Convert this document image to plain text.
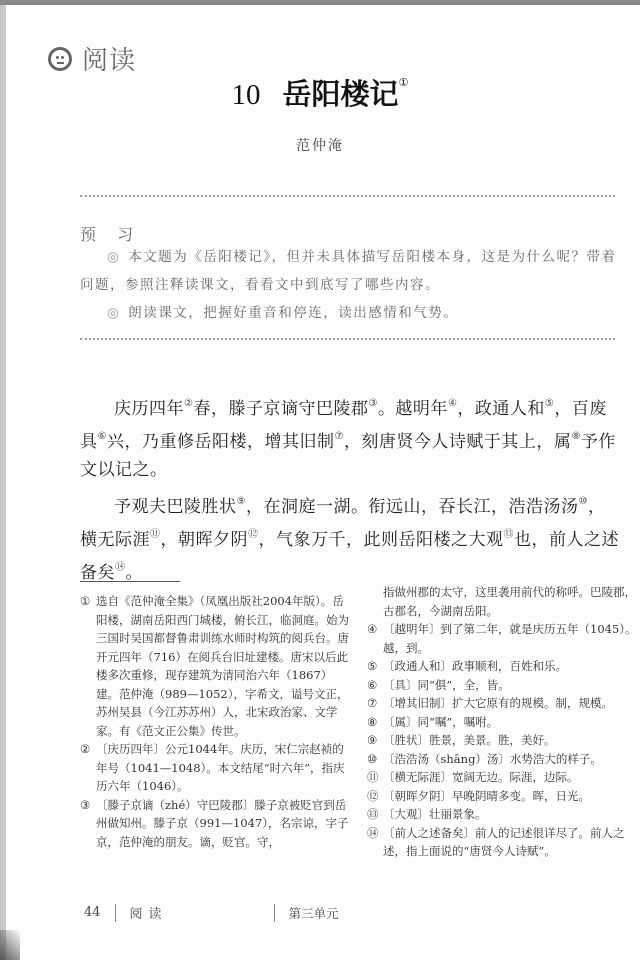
阅读
10 岳阳楼记①
范仲淹
预 习

◎ 本文题为《岳阳楼记》，但并未具体描写岳阳楼本身，这是为什么呢？带着问题，参照注释读课文，看看文中到底写了哪些内容。

◎ 朗读课文，把握好重音和停连，读出感情和气势。

庆历四年②春，滕子京谪守巴陵郡③。越明年④，政通人和⑤，百废具⑥兴，乃重修岳阳楼，增其旧制⑦，刻唐贤今人诗赋于其上，属⑧予作文以记之。

予观夫巴陵胜状⑨，在洞庭一湖。衔远山，吞长江，浩浩汤汤⑩，横无际涯⑪，朝晖夕阴⑫，气象万千，此则岳阳楼之大观⑬也，前人之述备矣⑭。

① 选自《范仲淹全集》（凤凰出版社2004年版）。岳阳楼，湖南岳阳西门城楼，俯长江，临洞庭。始为三国时吴国都督鲁肃训练水师时构筑的阅兵台。唐开元四年（716）在阅兵台旧址建楼。唐宋以后此楼多次重修，现存建筑为清同治六年（1867）建。范仲淹（989—1052），字希文，谥号文正，苏州吴县（今江苏苏州）人，北宋政治家、文学家。有《范文正公集》传世。
② 〔庆历四年〕公元1044年。庆历，宋仁宗赵祯的年号（1041—1048）。本文结尾“时六年”，指庆历六年（1046）。
③ 〔滕子京谪（zhé）守巴陵郡〕滕子京被贬官到岳州做知州。滕子京（991—1047），名宗谅，字子京，范仲淹的朋友。谪，贬官。守，
指做州郡的太守，这里袭用前代的称呼。巴陵郡，古郡名，今湖南岳阳。
④ 〔越明年〕到了第二年，就是庆历五年（1045）。越，到。
⑤ 〔政通人和〕政事顺利，百姓和乐。
⑥ 〔具〕同“俱”，全，皆。
⑦ 〔增其旧制〕扩大它原有的规模。制，规模。
⑧ 〔属〕同“嘱”，嘱咐。
⑨ 〔胜状〕胜景，美景。胜，美好。
⑩ 〔浩浩汤（shāng）汤〕水势浩大的样子。
⑪ 〔横无际涯〕宽阔无边。际涯，边际。
⑫ 〔朝晖夕阴〕早晚阴晴多变。晖，日光。
⑬ 〔大观〕壮丽景象。
⑭ 〔前人之述备矣〕前人的记述很详尽了。前人之述，指上面说的“唐贤今人诗赋”。
44 阅读	第三单元
